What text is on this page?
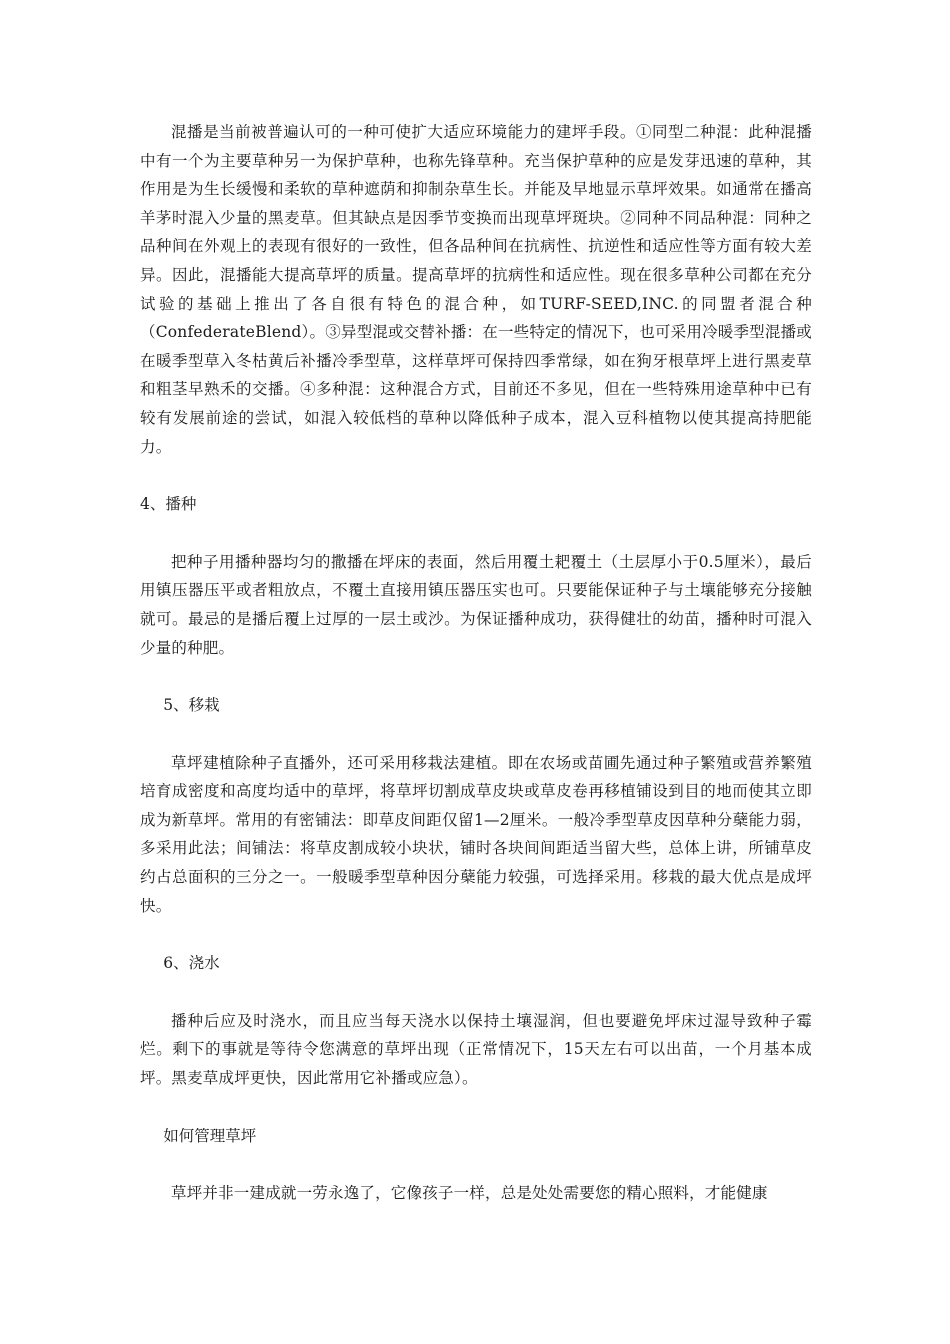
混播是当前被普遍认可的一种可使扩大适应环境能力的建坪手段。①同型二种混：此种混播中有一个为主要草种另一为保护草种，也称先锋草种。充当保护草种的应是发芽迅速的草种，其作用是为生长缓慢和柔软的草种遮荫和抑制杂草生长。并能及早地显示草坪效果。如通常在播高羊茅时混入少量的黑麦草。但其缺点是因季节变换而出现草坪斑块。②同种不同品种混：同种之品种间在外观上的表现有很好的一致性，但各品种间在抗病性、抗逆性和适应性等方面有较大差异。因此，混播能大提高草坪的质量。提高草坪的抗病性和适应性。现在很多草种公司都在充分试验的基础上推出了各自很有特色的混合种，如TURF-SEED,INC.的同盟者混合种（ConfederateBlend）。③异型混或交替补播：在一些特定的情况下，也可采用冷暖季型混播或在暖季型草入冬枯黄后补播冷季型草，这样草坪可保持四季常绿，如在狗牙根草坪上进行黑麦草和粗茎早熟禾的交播。④多种混：这种混合方式，目前还不多见，但在一些特殊用途草种中已有较有发展前途的尝试，如混入较低档的草种以降低种子成本，混入豆科植物以使其提高持肥能力。

4、播种

把种子用播种器均匀的撒播在坪床的表面，然后用覆土耙覆土（土层厚小于0.5厘米），最后用镇压器压平或者粗放点，不覆土直接用镇压器压实也可。只要能保证种子与土壤能够充分接触就可。最忌的是播后覆上过厚的一层土或沙。为保证播种成功，获得健壮的幼苗，播种时可混入少量的种肥。

5、移栽

草坪建植除种子直播外，还可采用移栽法建植。即在农场或苗圃先通过种子繁殖或营养繁殖培育成密度和高度均适中的草坪，将草坪切割成草皮块或草皮卷再移植铺设到目的地而使其立即成为新草坪。常用的有密铺法：即草皮间距仅留1—2厘米。一般冷季型草皮因草种分蘖能力弱，多采用此法；间铺法：将草皮割成较小块状，铺时各块间间距适当留大些，总体上讲，所铺草皮约占总面积的三分之一。一般暖季型草种因分蘖能力较强，可选择采用。移栽的最大优点是成坪快。

6、浇水

播种后应及时浇水，而且应当每天浇水以保持土壤湿润，但也要避免坪床过湿导致种子霉烂。剩下的事就是等待令您满意的草坪出现（正常情况下，15天左右可以出苗，一个月基本成坪。黑麦草成坪更快，因此常用它补播或应急）。

如何管理草坪

草坪并非一建成就一劳永逸了，它像孩子一样，总是处处需要您的精心照料，才能健康
